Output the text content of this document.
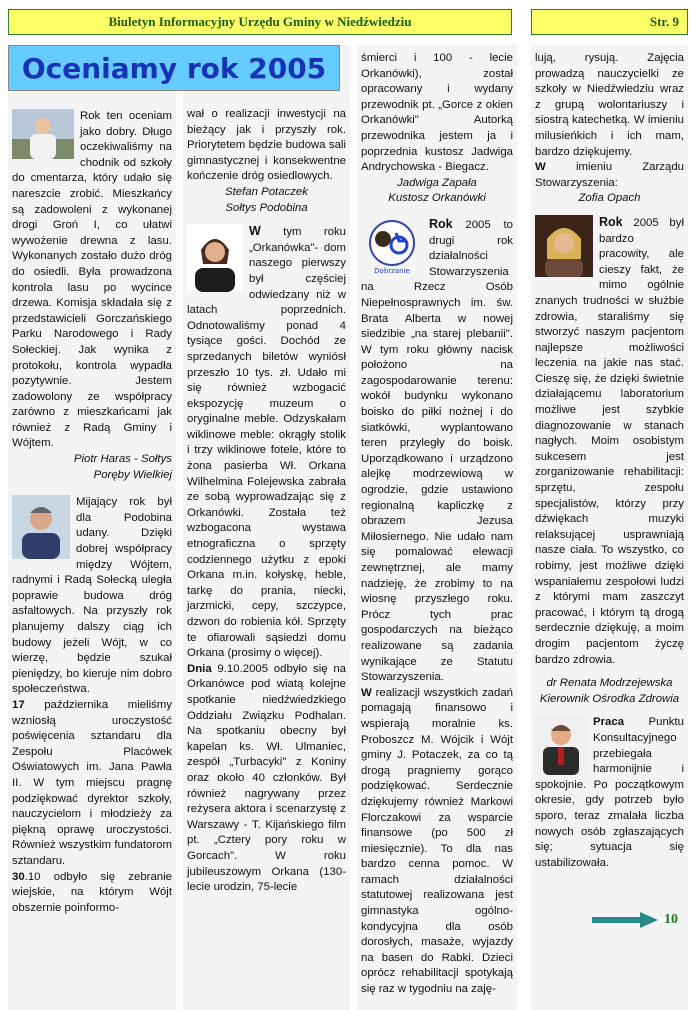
Biuletyn Informacyjny Urzędu Gminy w Niedźwiedziu	Str. 9
Oceniamy rok 2005

Rok ten oceniam jako dobry. Długo oczekiwaliśmy na chodnik od szkoły do cmentarza, który udało się nareszcie zrobić. Mieszkańcy są zadowoleni z wykonanej drogi Groń I, co ułatwi wywożenie drewna z lasu. Wykonanych zostało dużo dróg do osiedli. Była prowadzona kontrola lasu po wycince drzewa. Komisja składała się z przedstawicieli Gorczańskiego Parku Narodowego i Rady Sołeckiej. Jak wynika z protokołu, kontrola wypadła pozytywnie. Jestem zadowolony ze współpracy zarówno z mieszkańcami jak również z Radą Gminy i Wójtem.

Piotr Haras - Sołtys

Poręby Wielkiej

Mijający rok był dla Podobina udany. Dzięki dobrej współpracy między Wójtem, radnymi i Radą Sołecką uległa poprawie budowa dróg asfaltowych. Na przyszły rok planujemy dalszy ciąg ich budowy jeżeli Wójt, w co wierzę, będzie szukał pieniędzy, bo kieruje nim dobro społeczeństwa.

17 października mieliśmy wzniosłą uroczystość poświęcenia sztandaru dla Zespołu Placówek Oświatowych im. Jana Pawła II. W tym miejscu pragnę podziękować dyrektor szkoły, nauczycielom i młodzieży za piękną oprawę uroczystości. Również wszystkim fundatorom sztandaru.

30.10 odbyło się zebranie wiejskie, na którym Wójt obszernie poinformo-

wał o realizacji inwestycji na bieżący jak i przyszły rok. Priorytetem będzie budowa sali gimnastycznej i konsekwentne kończenie dróg osiedlowych.

Stefan Potaczek

Sołtys Podobina

W tym roku „Orkanówka"- dom naszego pierwszy był częściej odwiedzany niż w latach poprzednich. Odnotowaliśmy ponad 4 tysiące gości. Dochód ze sprzedanych biletów wyniósł przeszło 10 tys. zł. Udało mi się również wzbogacić ekspozycję muzeum o oryginalne meble. Odzyskałam wiklinowe meble: okrągły stolik i trzy wiklinowe fotele, które to żona pasierba Wł. Orkana Wilhelmina Folejewska zabrała ze sobą wyprowadzając się z Orkanówki. Została też wzbogacona wystawa etnograficzna o sprzęty codziennego użytku z epoki Orkana m.in. kołyskę, heble, tarkę do prania, niecki, jarzmicki, cepy, szczypce, dzwon do robienia kół. Sprzęty te ofiarowali sąsiedzi domu Orkana (prosimy o więcej).

Dnia 9.10.2005 odbyło się na Orkanówce pod wiatą kolejne spotkanie niedźwiedzkiego Oddziału Związku Podhalan. Na spotkaniu obecny był kapelan ks. Wł. Ulmaniec, zespół „Turbacyki" z Koniny oraz około 40 członków. Był również nagrywany przez reżysera aktora i scenarzystę z Warszawy - T. Kijańskiego film pt. „Cztery pory roku w Gorcach". W roku jubileuszowym Orkana (130-lecie urodzin, 75-lecie

śmierci i 100 - lecie Orkanówki), został opracowany i wydany przewodnik pt. „Gorce z okien Orkanówki" Autorką przewodnika jestem ja i poprzednia kustosz Jadwiga Andrychowska - Biegacz.

Jadwiga Zapała

Kustosz Orkanówki

Dobrzanie

Rok 2005 to drugi rok działalności Stowarzyszenia na Rzecz Osób Niepełnosprawnych im. św. Brata Alberta w nowej siedzibie „na starej plebanii". W tym roku główny nacisk położono na zagospodarowanie terenu: wokół budynku wykonano boisko do piłki nożnej i do siatkówki, wyplantowano teren przyległy do boisk. Uporządkowano i urządzono alejkę modrzewiową w ogrodzie, gdzie ustawiono regionalną kapliczkę z obrazem Jezusa Miłosiernego. Nie udało nam się pomalować elewacji zewnętrznej, ale mamy nadzieję, że zrobimy to na wiosnę przyszłego roku. Prócz tych prac gospodarczych na bieżąco realizowane są zadania wynikające ze Statutu Stowarzyszenia.

W realizacji wszystkich zadań pomagają finansowo i wspierają moralnie ks. Proboszcz M. Wójcik i Wójt gminy J. Potaczek, za co tą drogą pragniemy gorąco podziękować. Serdecznie dziękujemy również Markowi Florczakowi za wsparcie finansowe (po 500 zł miesięcznie). To dla nas bardzo cenna pomoc. W ramach działalności statutowej realizowana jest gimnastyka ogólno-kondycyjna dla osób dorosłych, masaże, wyjazdy na basen do Rabki. Dzieci oprócz rehabilitacji spotykają się raz w tygodniu na zaję-

lują, rysują. Zajęcia prowadzą nauczycielki ze szkoły w Niedźwiedziu wraz z grupą wolontariuszy i siostrą katechetką. W imieniu milusieńkich i ich mam, bardzo dziękujemy.

W imieniu Zarządu Stowarzyszenia:

Zofia Opach

Rok 2005 był bardzo pracowity, ale cieszy fakt, że mimo ogólnie znanych trudności w służbie zdrowia, staraliśmy się stworzyć naszym pacjentom najlepsze możliwości leczenia na jakie nas stać. Cieszę się, że dzięki świetnie działającemu laboratorium możliwe jest szybkie diagnozowanie w stanach nagłych. Moim osobistym sukcesem jest zorganizowanie rehabilitacji: sprzętu, zespołu specjalistów, którzy przy dźwiękach muzyki relaksującej usprawniają nasze ciała. To wszystko, co robimy, jest możliwe dzięki wspaniałemu zespołowi ludzi z którymi mam zaszczyt pracować, i którym tą drogą serdecznie dziękuję, a moim drogim pacjentom życzę bardzo zdrowia.

dr Renata Modrzejewska

Kierownik Ośrodka Zdrowia

Praca Punktu Konsultacyjnego przebiegała harmonijnie i spokojnie. Po początkowym okresie, gdy potrzeb było sporo, teraz zmalała liczba nowych osób zgłaszających się; sytuacja się ustabilizowała.

10
